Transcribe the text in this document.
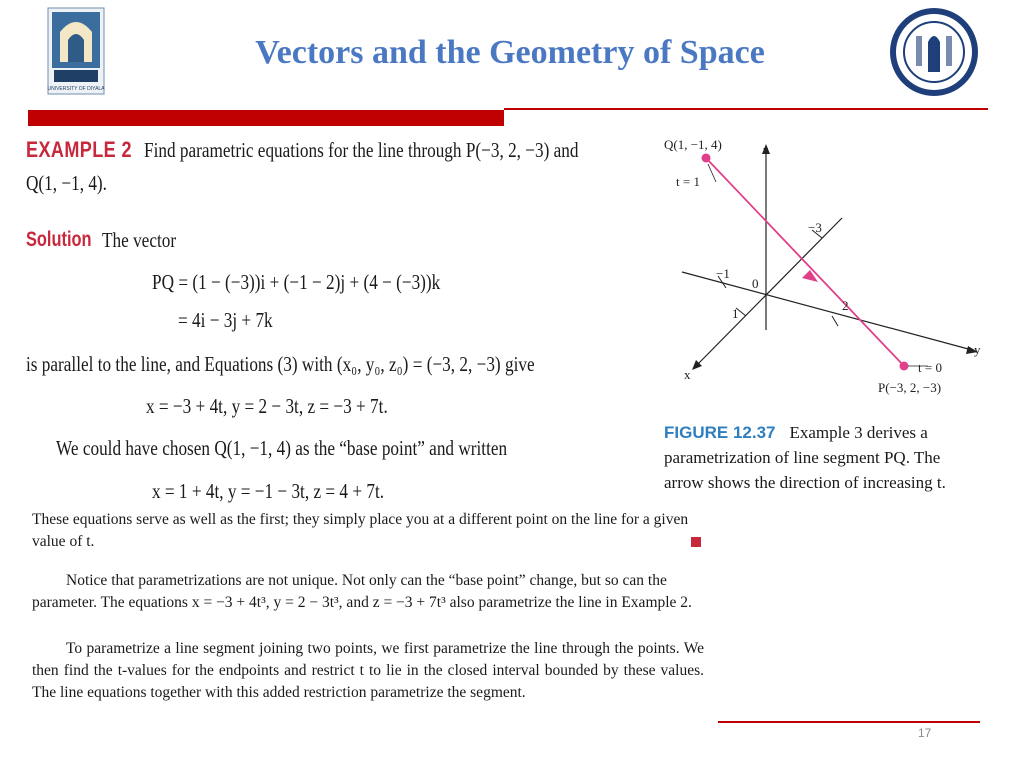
UNIVERSITY OF DIYALA
Vectors and the Geometry of Space	COLLEGE OF ENGINEERIN
EXAMPLE 2 Find parametric equations for the line through P(−3, 2, −3) and
Q(1, −1, 4).
Solution The vector
PQ = (1 − (−3))i + (−1 − 2)j + (4 − (−3))k
= 4i − 3j + 7k
is parallel to the line, and Equations (3) with (x₀, y₀, z₀) = (−3, 2, −3) give
x = −3 + 4t, y = 2 − 3t, z = −3 + 7t.
We could have chosen Q(1, −1, 4) as the “base point” and written
x = 1 + 4t, y = −1 − 3t, z = 4 + 7t.
These equations serve as well as the first; they simply place you at a different point on the line for a given value of t.
Notice that parametrizations are not unique. Not only can the “base point” change, but so can the parameter. The equations x = −3 + 4t³, y = 2 − 3t³, and z = −3 + 7t³ also parametrize the line in Example 2.
To parametrize a line segment joining two points, we first parametrize the line through the points. We then find the t-values for the endpoints and restrict t to lie in the closed interval bounded by these values. The line equations together with this added restriction parametrize the segment.
Q(1, −1, 4)
t = 1
z
y
x
−3
−1
0
1
2
t = 0
P(−3, 2, −3)
FIGURE 12.37 Example 3 derives a parametrization of line segment PQ. The arrow shows the direction of increasing t.
17
